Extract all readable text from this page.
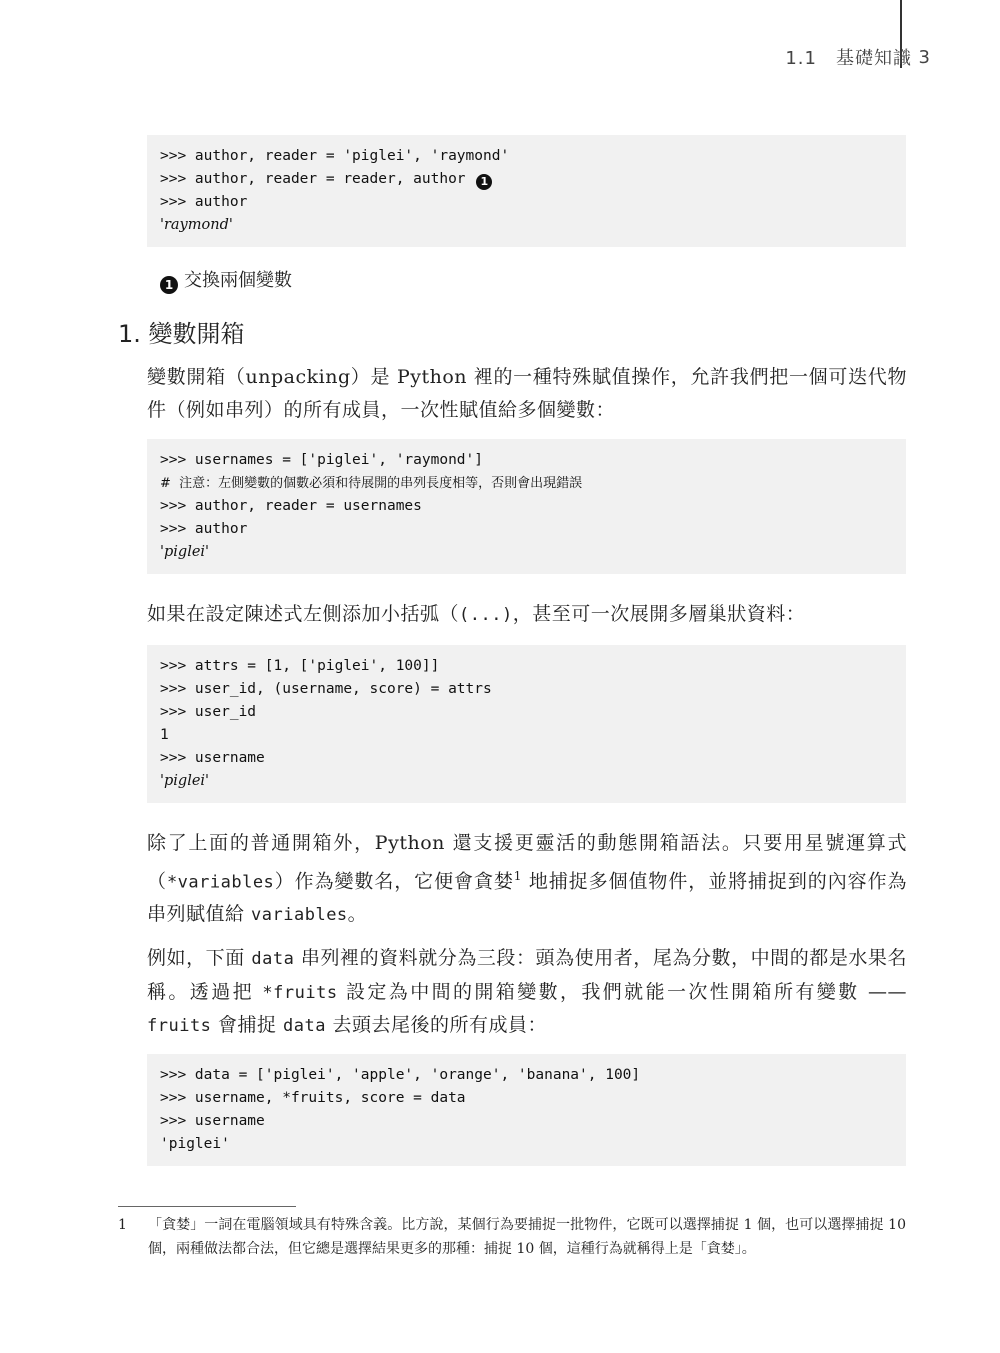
1.1　基礎知識 3
>>> author, reader = 'piglei', 'raymond'
>>> author, reader = reader, author 1
>>> author
'raymond'
1 交換兩個變數
1. 變數開箱
變數開箱（unpacking）是 Python 裡的一種特殊賦值操作，允許我們把一個可迭代物件（例如串列）的所有成員，一次性賦值給多個變數：
>>> usernames = ['piglei', 'raymond']
#  注意：左側變數的個數必須和待展開的串列長度相等，否則會出現錯誤
>>> author, reader = usernames
>>> author
'piglei'
如果在設定陳述式左側添加小括弧（(...)，甚至可一次展開多層巢狀資料：
>>> attrs = [1, ['piglei', 100]]
>>> user_id, (username, score) = attrs
>>> user_id
1
>>> username
'piglei'
除了上面的普通開箱外，Python 還支援更靈活的動態開箱語法。只要用星號運算式（*variables）作為變數名，它便會貪婪$^1$ 地捕捉多個值物件，並將捕捉到的內容作為串列賦值給 variables。
例如，下面 data 串列裡的資料就分為三段：頭為使用者，尾為分數，中間的都是水果名稱。透過把 *fruits 設定為中間的開箱變數，我們就能一次性開箱所有變數 —— fruits 會捕捉 data 去頭去尾後的所有成員：
>>> data = ['piglei', 'apple', 'orange', 'banana', 100]
>>> username, *fruits, score = data
>>> username
'piglei'
1 「貪婪」一詞在電腦領域具有特殊含義。比方說，某個行為要捕捉一批物件，它既可以選擇捕捉 1 個，也可以選擇捕捉 10 個，兩種做法都合法，但它總是選擇結果更多的那種：捕捉 10 個，這種行為就稱得上是「貪婪」。
